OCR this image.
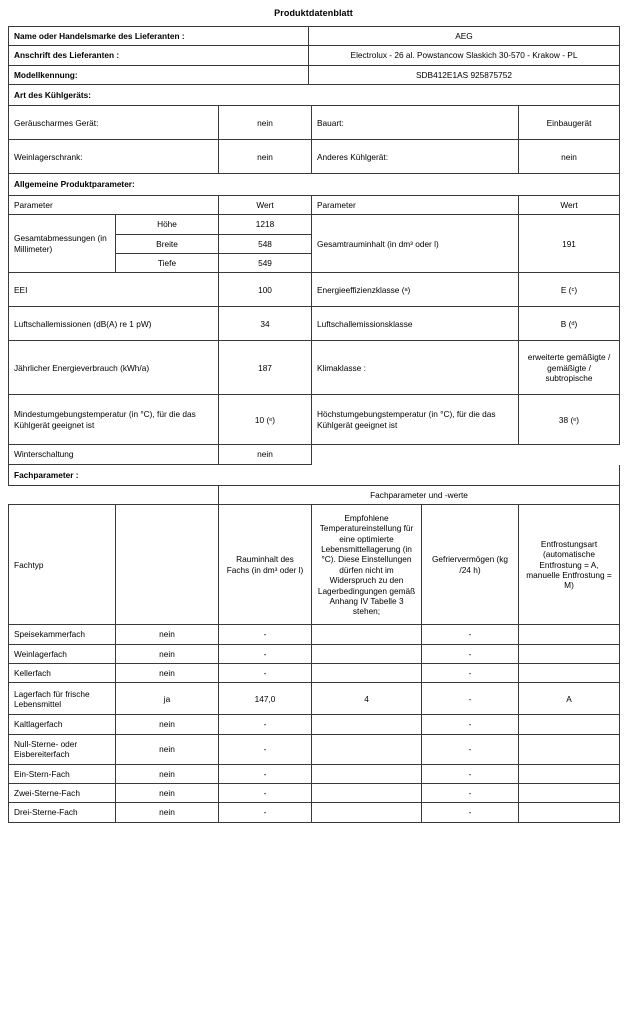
Produktdatenblatt
Name oder Handelsmarke des Lieferanten :	AEG
Anschrift des Lieferanten :	Electrolux - 26 al. Powstancow Slaskich 30-570 - Krakow - PL
Modellkennung:	SDB412E1AS 925875752
Art des Kühlgeräts:			
Geräuscharmes Gerät:	nein	Bauart:	Einbaugerät
Weinlagerschrank:	nein	Anderes Kühlgerät:	nein
Allgemeine Produktparameter:				
Parameter		Wert	Parameter	Wert
Gesamtabmessungen (in Millimeter)	Höhe	1218	Gesamtrauminhalt (in dm³ oder l)	191
	Breite	548		
	Tiefe	549		
EEI		100	Energieeffizienzklasse (ᵃ)	E (ᶜ)
Luftschallemissionen (dB(A) re 1 pW)		34	Luftschallemissionsklasse	B (ᵈ)
Jährlicher Energieverbrauch (kWh/a)		187	Klimaklasse :	erweiterte gemäßigte / gemäßigte / subtropische
Mindestumgebungstemperatur (in °C), für die das Kühlgerät geeignet ist		10 (ᵉ)	Höchstumgebungstemperatur (in °C), für die das Kühlgerät geeignet ist	38 (ᵉ)
Winterschaltung		nein		
Fachparameter :					
		Fachparameter und -werte			
Fachtyp		Rauminhalt des Fachs (in dm³ oder l)	Empfohlene Temperatureinstellung für eine optimierte Lebensmittellagerung (in °C). Diese Einstellungen dürfen nicht im Widerspruch zu den Lagerbedingungen gemäß Anhang IV Tabelle 3 stehen;	Gefriervermögen (kg /24 h)	Entfrostungsart (automatische Entfrostung = A, manuelle Entfrostung = M)
Speisekammerfach	nein	-		-	
Weinlagerfach	nein	-		-	
Kellerfach	nein	-		-	
Lagerfach für frische Lebensmittel	ja	147,0	4	-	A
Kaltlagerfach	nein	-		-	
Null-Sterne- oder Eisbereiterfach	nein	-		-	
Ein-Stern-Fach	nein	-		-	
Zwei-Sterne-Fach	nein	-		-	
Drei-Sterne-Fach	nein	-		-	
